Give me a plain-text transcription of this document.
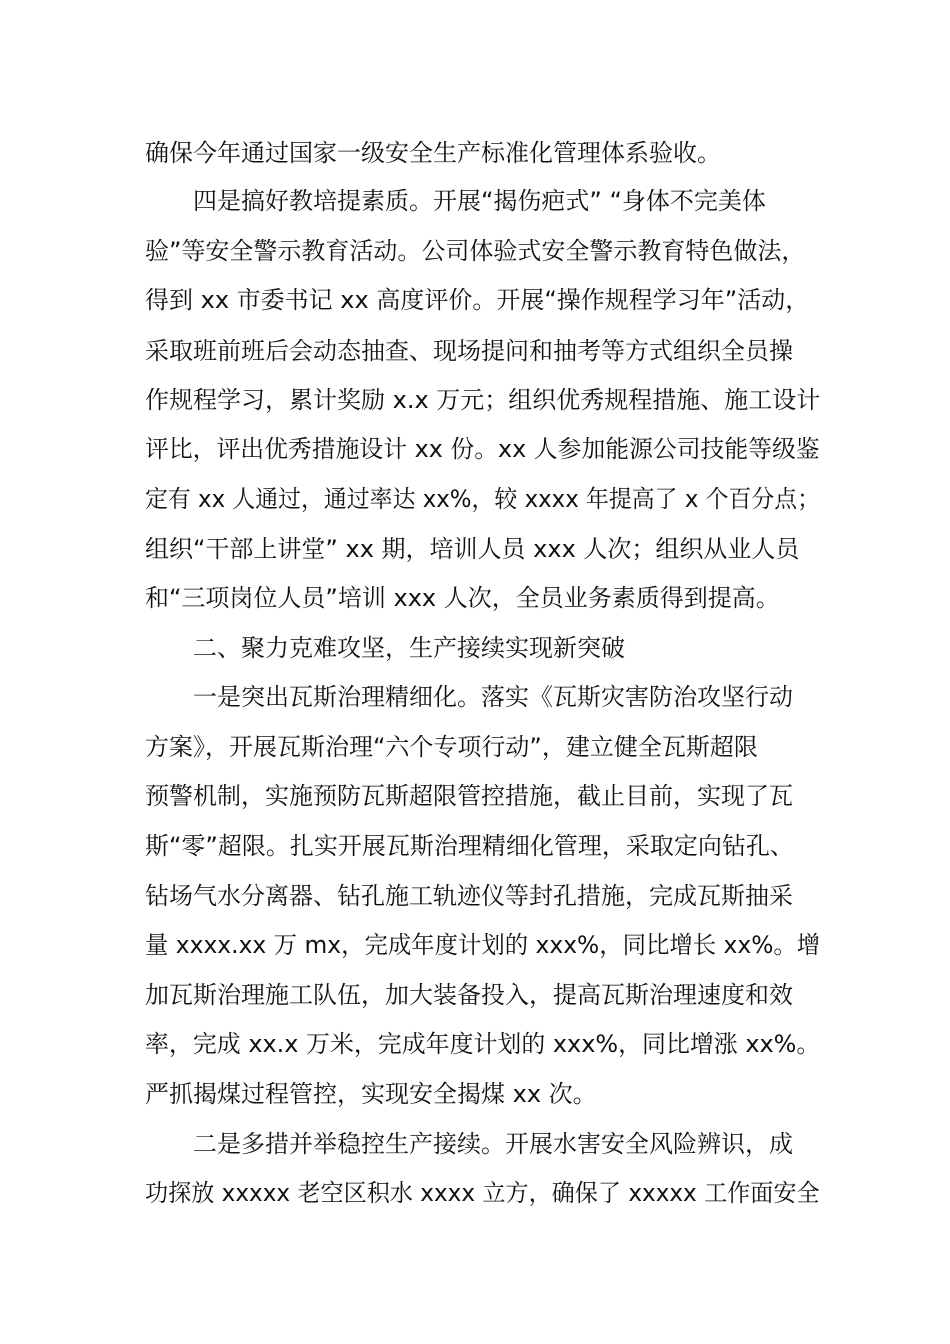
确保今年通过国家一级安全生产标准化管理体系验收。
四是搞好教培提素质。开展“揭伤疤式” “身体不完美体
验”等安全警示教育活动。公司体验式安全警示教育特色做法，
得到 xx 市委书记 xx 高度评价。开展“操作规程学习年”活动，
采取班前班后会动态抽查、现场提问和抽考等方式组织全员操
作规程学习，累计奖励 x.x 万元；组织优秀规程措施、施工设计
评比，评出优秀措施设计 xx 份。xx 人参加能源公司技能等级鉴
定有 xx 人通过，通过率达 xx%，较 xxxx 年提高了 x 个百分点；
组织“干部上讲堂” xx 期，培训人员 xxx 人次；组织从业人员
和“三项岗位人员”培训 xxx 人次，全员业务素质得到提高。
二、聚力克难攻坚，生产接续实现新突破
一是突出瓦斯治理精细化。落实《瓦斯灾害防治攻坚行动
方案》，开展瓦斯治理“六个专项行动”，建立健全瓦斯超限
预警机制，实施预防瓦斯超限管控措施，截止目前，实现了瓦
斯“零”超限。扎实开展瓦斯治理精细化管理，采取定向钻孔、
钻场气水分离器、钻孔施工轨迹仪等封孔措施，完成瓦斯抽采
量 xxxx.xx 万 mx，完成年度计划的 xxx%，同比增长 xx%。增
加瓦斯治理施工队伍，加大装备投入，提高瓦斯治理速度和效
率，完成 xx.x 万米，完成年度计划的 xxx%，同比增涨 xx%。
严抓揭煤过程管控，实现安全揭煤 xx 次。
二是多措并举稳控生产接续。开展水害安全风险辨识，成
功探放 xxxxx 老空区积水 xxxx 立方，确保了 xxxxx 工作面安全
